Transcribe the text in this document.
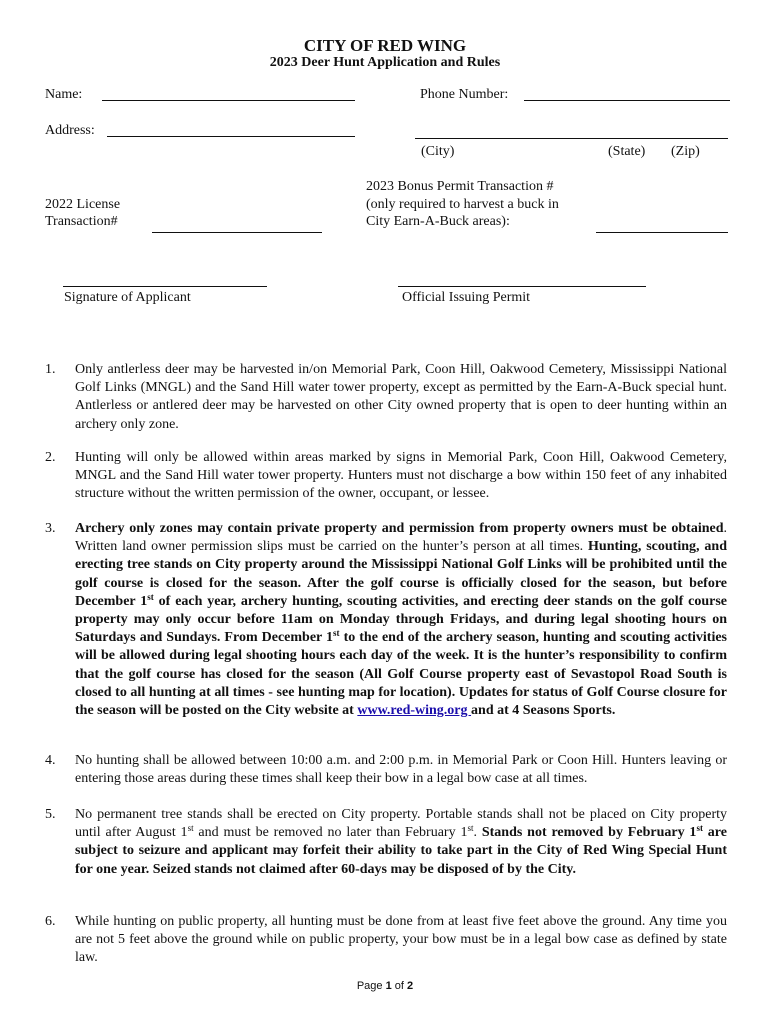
CITY OF RED WING
2023 Deer Hunt Application and Rules
Name:	Phone Number:
Address:
(City)	(State) (Zip)
2022 License
Transaction#
2023 Bonus Permit Transaction #
(only required to harvest a buck in
City Earn-A-Buck areas):
Signature of Applicant	Official Issuing Permit
1. Only antlerless deer may be harvested in/on Memorial Park, Coon Hill, Oakwood Cemetery, Mississippi National Golf Links (MNGL) and the Sand Hill water tower property, except as permitted by the Earn-A-Buck special hunt. Antlerless or antlered deer may be harvested on other City owned property that is open to deer hunting within an archery only zone.

2. Hunting will only be allowed within areas marked by signs in Memorial Park, Coon Hill, Oakwood Cemetery, MNGL and the Sand Hill water tower property. Hunters must not discharge a bow within 150 feet of any inhabited structure without the written permission of the owner, occupant, or lessee.

3. Archery only zones may contain private property and permission from property owners must be obtained. Written land owner permission slips must be carried on the hunter’s person at all times. Hunting, scouting, and erecting tree stands on City property around the Mississippi National Golf Links will be prohibited until the golf course is closed for the season. After the golf course is officially closed for the season, but before December 1st of each year, archery hunting, scouting activities, and erecting deer stands on the golf course property may only occur before 11am on Monday through Fridays, and during legal shooting hours on Saturdays and Sundays. From December 1st to the end of the archery season, hunting and scouting activities will be allowed during legal shooting hours each day of the week. It is the hunter’s responsibility to confirm that the golf course has closed for the season (All Golf Course property east of Sevastopol Road South is closed to all hunting at all times - see hunting map for location). Updates for status of Golf Course closure for the season will be posted on the City website at www.red-wing.org and at 4 Seasons Sports.

4. No hunting shall be allowed between 10:00 a.m. and 2:00 p.m. in Memorial Park or Coon Hill. Hunters leaving or entering those areas during these times shall keep their bow in a legal bow case at all times.

5. No permanent tree stands shall be erected on City property. Portable stands shall not be placed on City property until after August 1st and must be removed no later than February 1st. Stands not removed by February 1st are subject to seizure and applicant may forfeit their ability to take part in the City of Red Wing Special Hunt for one year. Seized stands not claimed after 60-days may be disposed of by the City.

6. While hunting on public property, all hunting must be done from at least five feet above the ground. Any time you are not 5 feet above the ground while on public property, your bow must be in a legal bow case as defined by state law.

Page 1 of 2
